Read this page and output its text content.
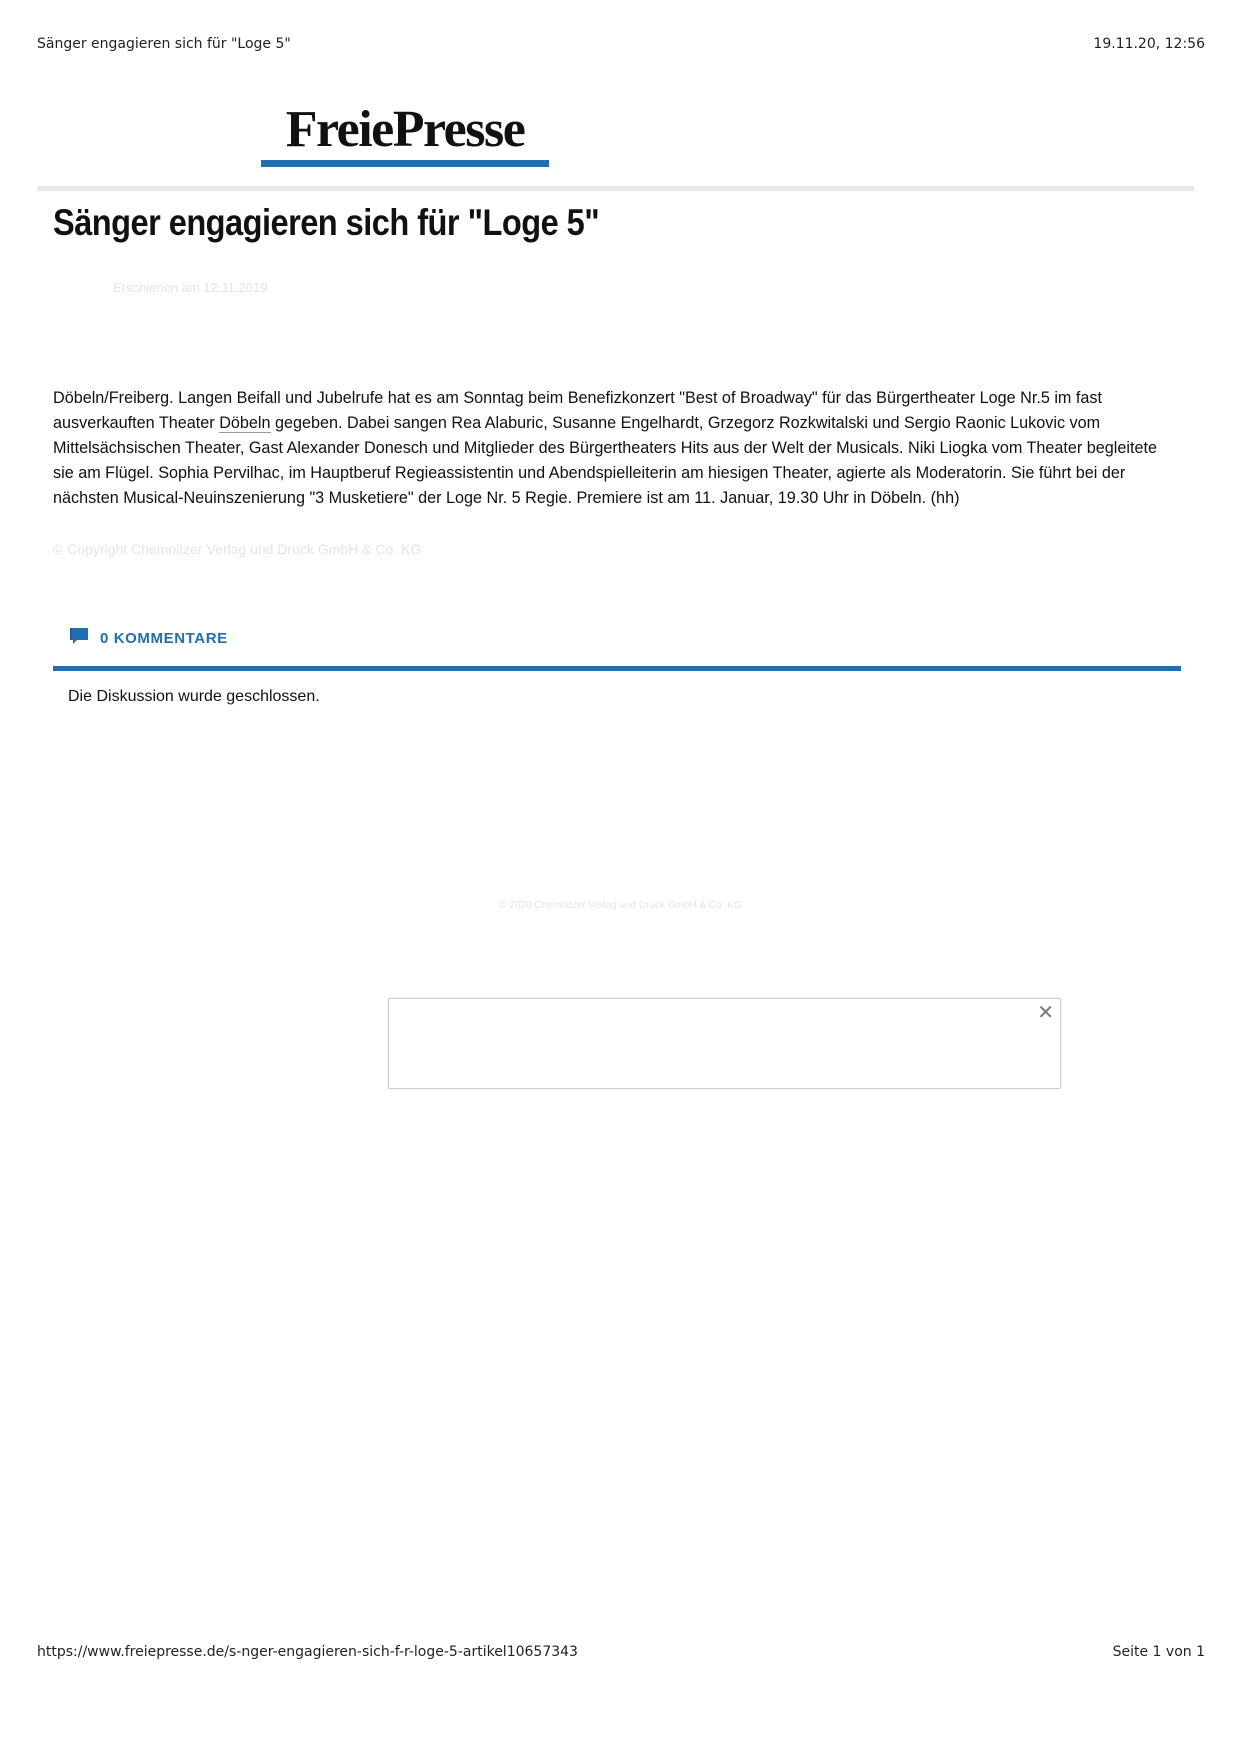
Sänger engagieren sich für "Loge 5"	19.11.20, 12:56
FreiePresse
Sänger engagieren sich für "Loge 5"
Erschienen am 12.11.2019

Döbeln/Freiberg. Langen Beifall und Jubelrufe hat es am Sonntag beim Benefizkonzert "Best of Broadway" für das Bürgertheater Loge Nr.5 im fast ausverkauften Theater Döbeln gegeben. Dabei sangen Rea Alaburic, Susanne Engelhardt, Grzegorz Rozkwitalski und Sergio Raonic Lukovic vom Mittelsächsischen Theater, Gast Alexander Donesch und Mitglieder des Bürgertheaters Hits aus der Welt der Musicals. Niki Liogka vom Theater begleitete sie am Flügel. Sophia Pervilhac, im Hauptberuf Regieassistentin und Abendspielleiterin am hiesigen Theater, agierte als Moderatorin. Sie führt bei der nächsten Musical-Neuinszenierung "3 Musketiere" der Loge Nr. 5 Regie. Premiere ist am 11. Januar, 19.30 Uhr in Döbeln. (hh)

© Copyright Chemnitzer Verlag und Druck GmbH & Co. KG
0 KOMMENTARE
Die Diskussion wurde geschlossen.
© 2020 Chemnitzer Verlag und Druck GmbH & Co. KG
✕
https://www.freiepresse.de/s-nger-engagieren-sich-f-r-loge-5-artikel10657343	Seite 1 von 1
